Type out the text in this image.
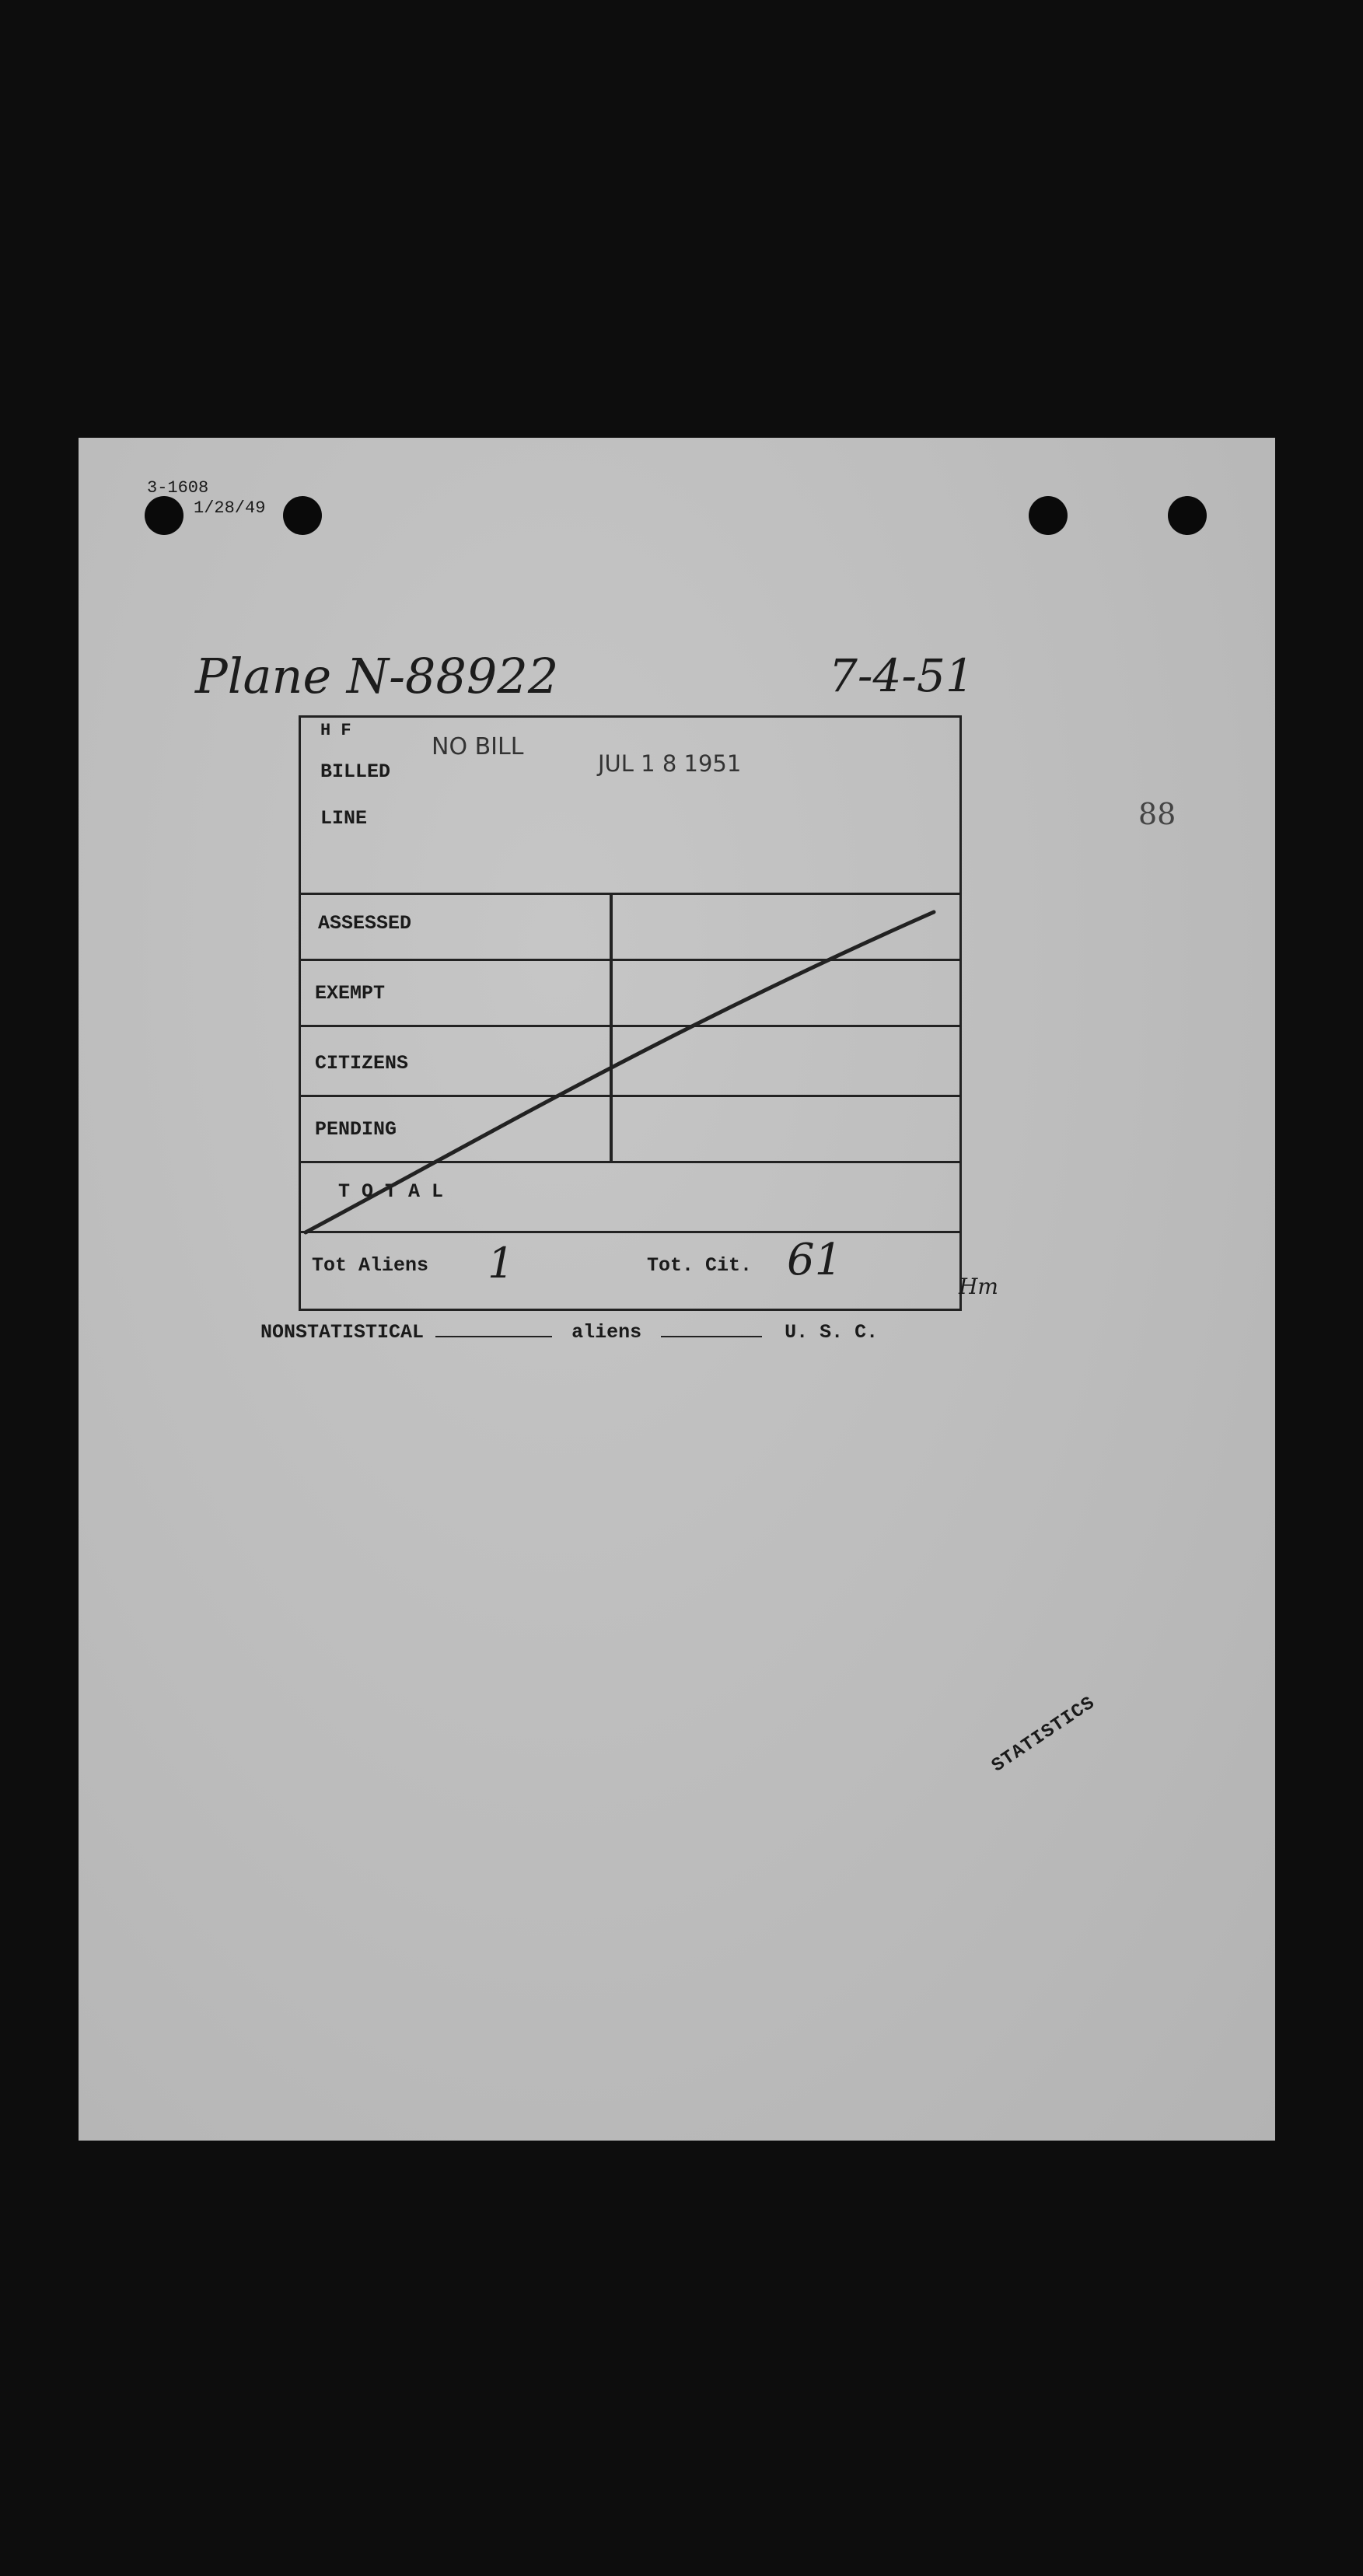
3-1608
1/28/49
Plane N-88922	7-4-51
88
H F
NO BILL
JUL 1 8 1951
BILLED
LINE
ASSESSED
EXEMPT
CITIZENS
PENDING
T O T A L
Tot Aliens 1	Tot. Cit. 61
Hm
NONSTATISTICAL	aliens	U. S. C.
STATISTICS
